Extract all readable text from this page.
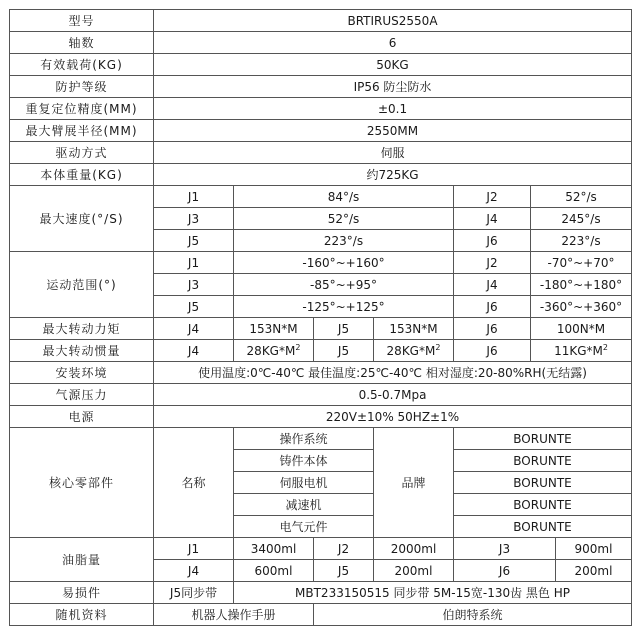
型号	BRTIRUS2550A						
轴数	6						
有效载荷(KG)	50KG						
防护等级	IP56 防尘防水						
重复定位精度(MM)	±0.1						
最大臂展半径(MM)	2550MM						
驱动方式	伺服						
本体重量(KG)	约725KG						
最大速度(°/S)	J1	84°/s			J2	52°/s	
	J3	52°/s			J4	245°/s	
	J5	223°/s			J6	223°/s	
运动范围(°)	J1	-160°~+160°			J2	-70°~+70°	
	J3	-85°~+95°			J4	-180°~+180°	
	J5	-125°~+125°			J6	-360°~+360°	
最大转动力矩	J4	153N*M	J5	153N*M	J6	100N*M	
最大转动惯量	J4	$28KG*M^2$	J5	$28KG*M^2$	J6	$11KG*M^2$
安装环境	使用温度:0℃-40℃ 最佳温度:25℃-40℃ 相对湿度:20-80%RH(无结露)						
气源压力	0.5-0.7Mpa						
电源	220V±10% 50HZ±1%						
核心零部件	名称	操作系统		品牌	BORUNTE		
		铸件本体			BORUNTE		
		伺服电机			BORUNTE		
		减速机			BORUNTE		
		电气元件			BORUNTE		
油脂量	J1	3400ml	J2	2000ml	J3		900ml
	J4	600ml	J5	200ml	J6		200ml
易损件	J5同步带	MBT233150515 同步带 5M-15宽-130齿 黑色 HP					
随机资料	机器人操作手册		伯朗特系统				
